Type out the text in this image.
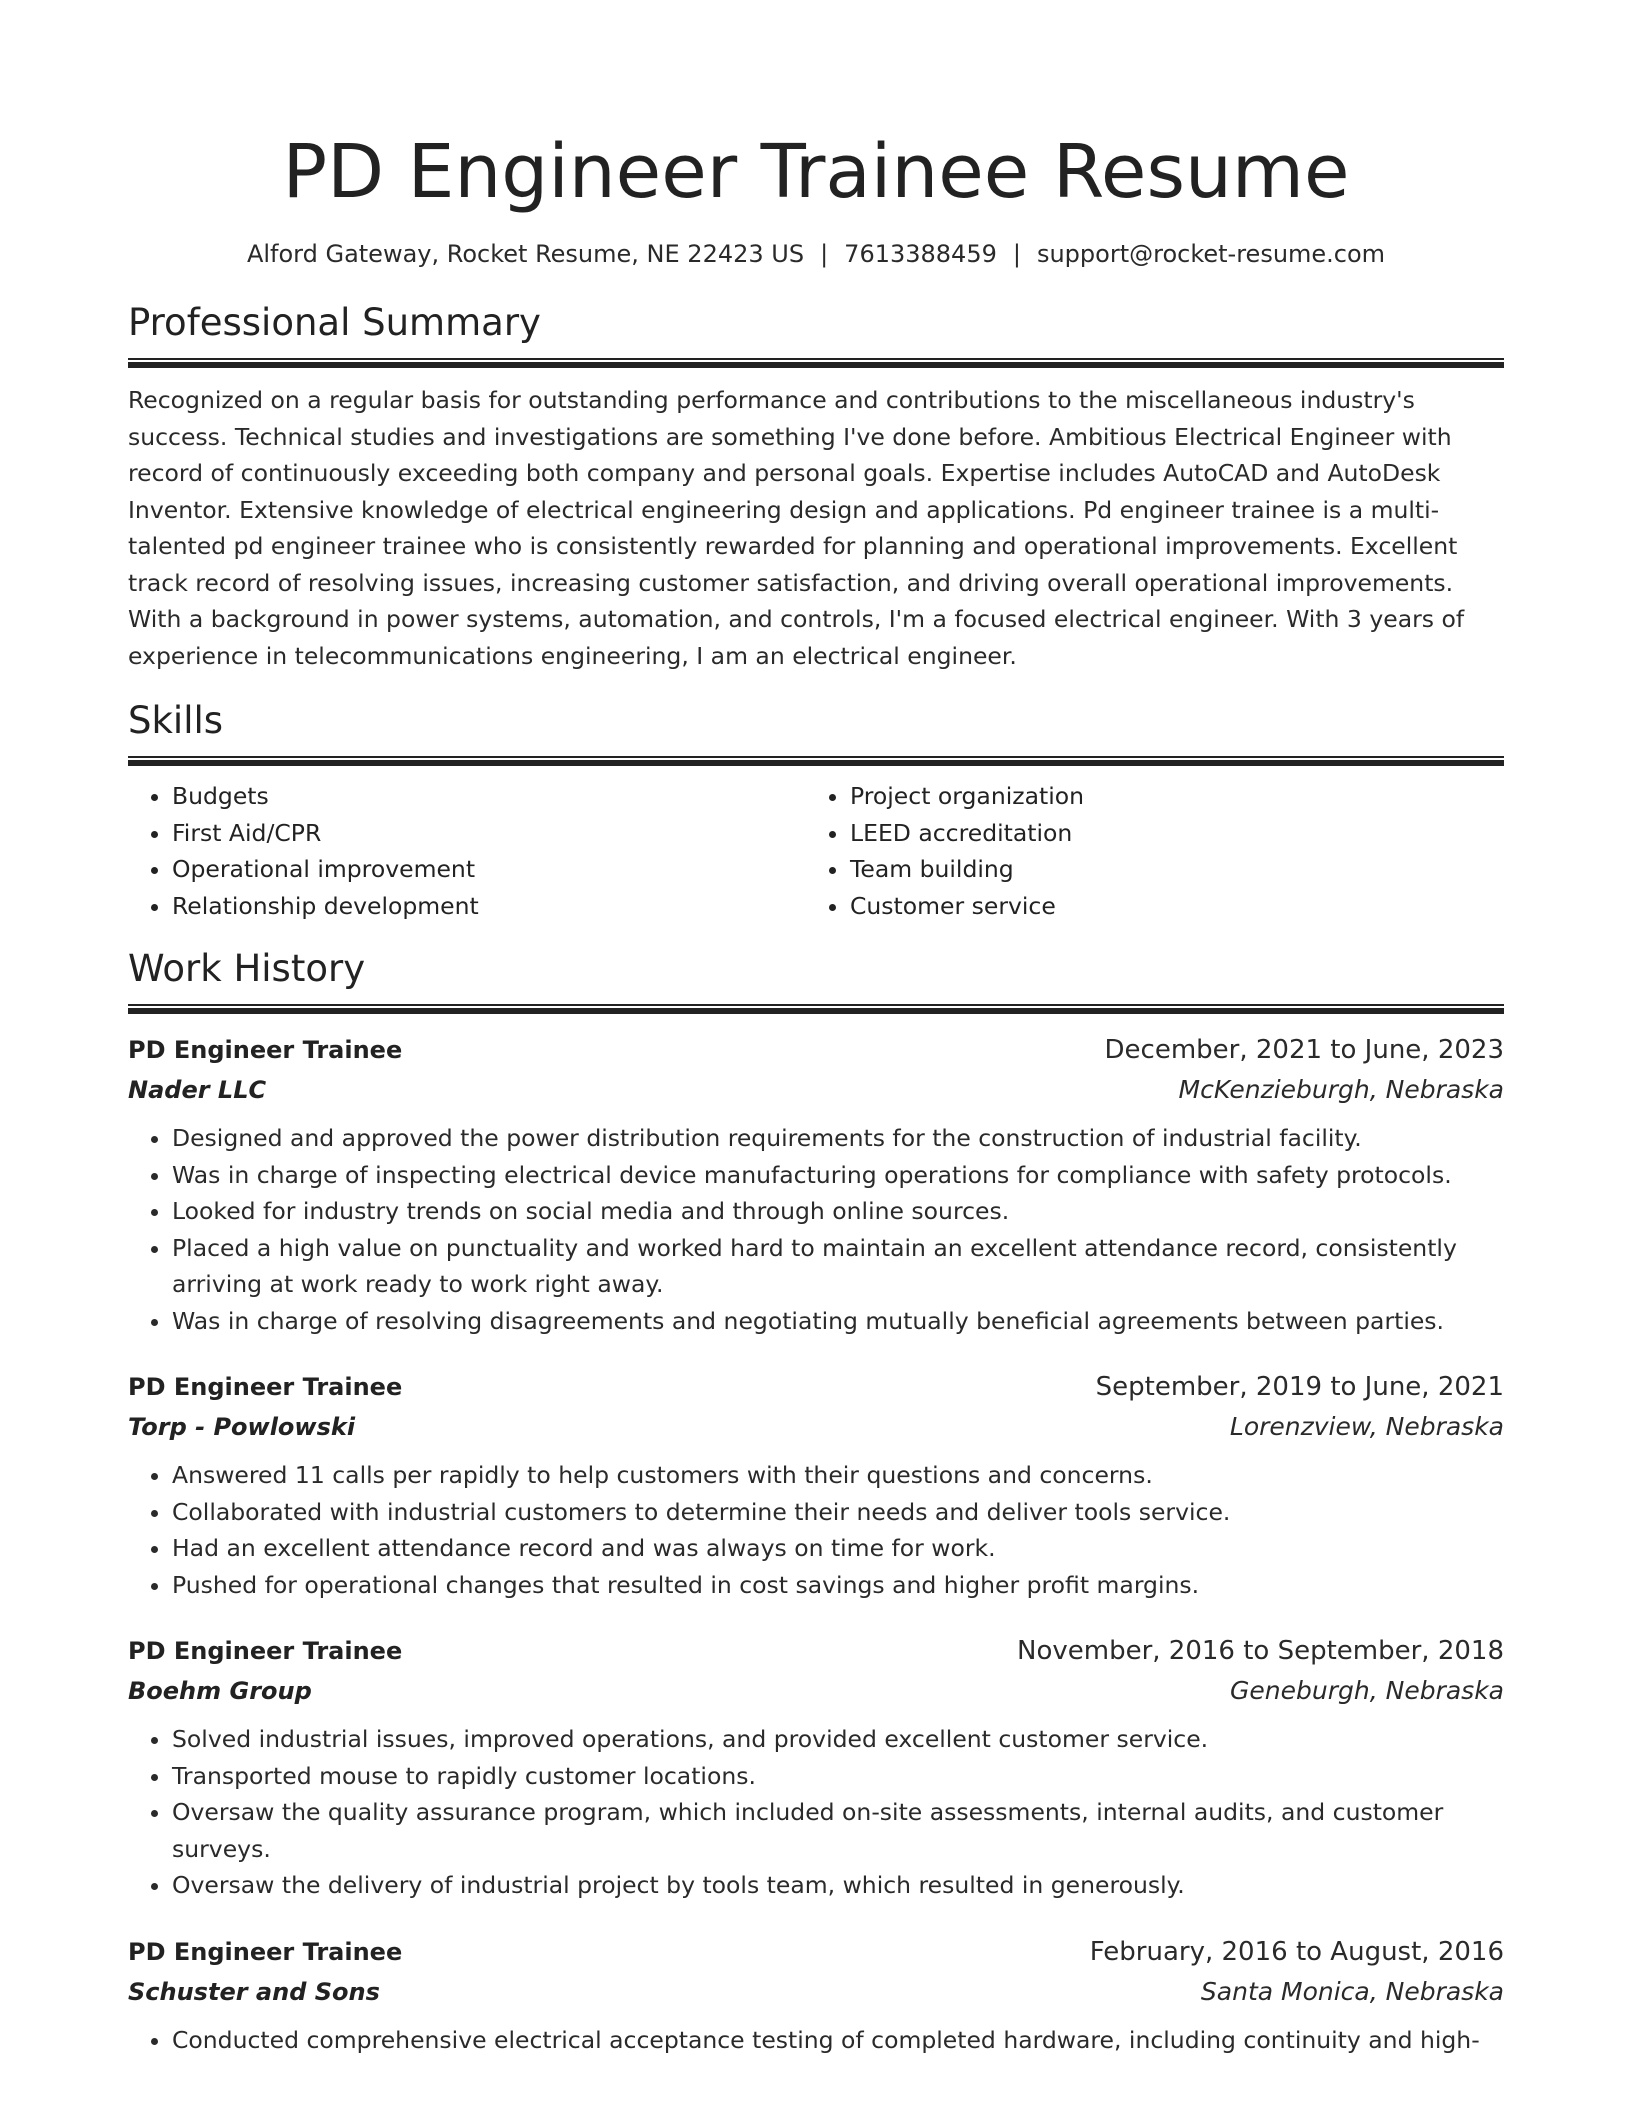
PD Engineer Trainee Resume
Alford Gateway, Rocket Resume, NE 22423 US | 7613388459 | support@rocket-resume.com
Professional Summary

Recognized on a regular basis for outstanding performance and contributions to the miscellaneous industry's success. Technical studies and investigations are something I've done before. Ambitious Electrical Engineer with record of continuously exceeding both company and personal goals. Expertise includes AutoCAD and AutoDesk Inventor. Extensive knowledge of electrical engineering design and applications. Pd engineer trainee is a multi-talented pd engineer trainee who is consistently rewarded for planning and operational improvements. Excellent track record of resolving issues, increasing customer satisfaction, and driving overall operational improvements. With a background in power systems, automation, and controls, I'm a focused electrical engineer. With 3 years of experience in telecommunications engineering, I am an electrical engineer.

Skills
• Budgets
• First Aid/CPR
• Operational improvement
• Relationship development
• Project organization
• LEED accreditation
• Team building
• Customer service
Work History
PD Engineer Trainee	December, 2021 to June, 2023
Nader LLC	McKenzieburgh, Nebraska
• Designed and approved the power distribution requirements for the construction of industrial facility.
• Was in charge of inspecting electrical device manufacturing operations for compliance with safety protocols.
• Looked for industry trends on social media and through online sources.
• Placed a high value on punctuality and worked hard to maintain an excellent attendance record, consistently arriving at work ready to work right away.
• Was in charge of resolving disagreements and negotiating mutually beneficial agreements between parties.
PD Engineer Trainee	September, 2019 to June, 2021
Torp - Powlowski	Lorenzview, Nebraska
• Answered 11 calls per rapidly to help customers with their questions and concerns.
• Collaborated with industrial customers to determine their needs and deliver tools service.
• Had an excellent attendance record and was always on time for work.
• Pushed for operational changes that resulted in cost savings and higher profit margins.
PD Engineer Trainee	November, 2016 to September, 2018
Boehm Group	Geneburgh, Nebraska
• Solved industrial issues, improved operations, and provided excellent customer service.
• Transported mouse to rapidly customer locations.
• Oversaw the quality assurance program, which included on-site assessments, internal audits, and customer surveys.
• Oversaw the delivery of industrial project by tools team, which resulted in generously.
PD Engineer Trainee	February, 2016 to August, 2016
Schuster and Sons	Santa Monica, Nebraska
• Conducted comprehensive electrical acceptance testing of completed hardware, including continuity and high-
